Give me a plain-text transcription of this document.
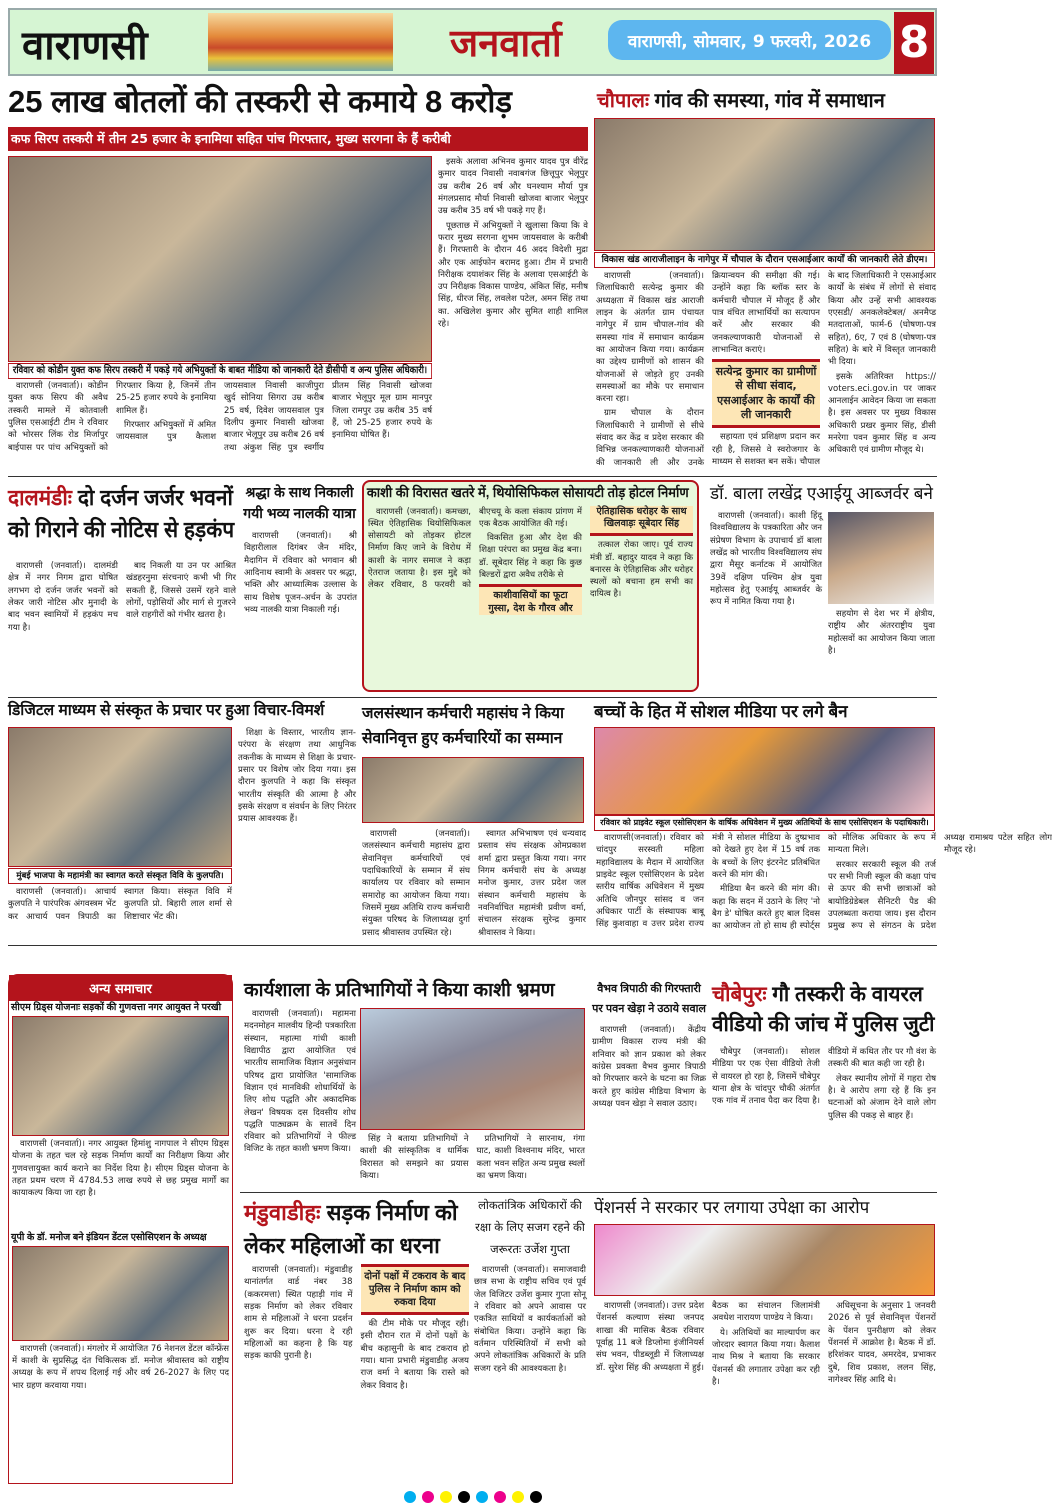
वाराणसी	जनवार्ता	वाराणसी, सोमवार, 9 फरवरी, 2026 8
25 लाख बोतलों की तस्करी से कमाये 8 करोड़
कफ सिरप तस्करी में तीन 25 हजार के इनामिया सहित पांच गिरफ्तार, मुख्य सरगना के हैं करीबी
रविवार को कोडीन युक्त कफ सिरप तस्करी में पकड़े गये अभियुक्तों के बाबत मीडिया को जानकारी देते डीसीपी व अन्य पुलिस अधिकारी।

वाराणसी (जनवार्ता)। कोडीन युक्त कफ सिरप की अवैध तस्करी मामले में कोतवाली पुलिस एसआईटी टीम ने रविवार को भोरसर लिंक रोड मिर्जापुर बाईपास पर पांच अभियुक्तों को गिरफ्तार किया है, जिनमें तीन 25-25 हजार रुपये के इनामिया शामिल हैं।

गिरफ्तार अभियुक्तों में अमित जायसवाल पुत्र कैलाश जायसवाल निवासी काजीपुरा खुर्द सोनिया सिगरा उम्र करीब 25 वर्ष, दिवेश जायसवाल पुत्र दिलीप कुमार निवासी खोजवा बाजार भेलूपुर उम्र करीब 26 वर्ष तथा अंकुश सिंह पुत्र स्वर्गीय प्रीतम सिंह निवासी खोजवा बाजार भेलूपुर मूल ग्राम मानपुर जिला रामपुर उम्र करीब 35 वर्ष हैं, जो 25-25 हजार रुपये के इनामिया घोषित हैं।

इसके अलावा अभिनव कुमार यादव पुत्र वीरेंद्र कुमार यादव निवासी नवाबगंज छित्तूपुर भेलूपुर उम्र करीब 26 वर्ष और घनश्याम मौर्या पुत्र मंगलप्रसाद मौर्या निवासी खोजवा बाजार भेलूपुर उम्र करीब 35 वर्ष भी पकड़े गए हैं।

पूछताछ में अभियुक्तों ने खुलासा किया कि वे फरार मुख्य सरगना शुभम जायसवाल के करीबी हैं। गिरफ्तारी के दौरान 46 अदद विदेशी मुद्रा और एक आईफोन बरामद हुआ। टीम में प्रभारी निरीक्षक दयाशंकर सिंह के अलावा एसआईटी के उप निरीक्षक विकास पाण्डेय, अंकित सिंह, मनीष सिंह, धीरज सिंह, लवलेश पटेल, अमन सिंह तथा का. अखिलेश कुमार और सुमित शाही शामिल रहे।

चौपालः गांव की समस्या, गांव में समाधान
विकास खंड आराजीलाइन के नागेपुर में चौपाल के दौरान एसआईआर कार्यों की जानकारी लेते डीएम।

वाराणसी (जनवार्ता)। जिलाधिकारी सत्येन्द्र कुमार की अध्यक्षता में विकास खंड आराजी लाइन के अंतर्गत ग्राम पंचायत नागेपुर में ग्राम चौपाल-गांव की समस्या गांव में समाधान कार्यक्रम का आयोजन किया गया। कार्यक्रम का उद्देश्य ग्रामीणों को शासन की योजनाओं से जोड़ते हुए उनकी समस्याओं का मौके पर समाधान करना रहा।

ग्राम चौपाल के दौरान जिलाधिकारी ने ग्रामीणों से सीधे संवाद कर केंद्र व प्रदेश सरकार की विभिन्न जनकल्याणकारी योजनाओं की जानकारी ली और उनके क्रियान्वयन की समीक्षा की गई। उन्होंने कहा कि ब्लॉक स्तर के कर्मचारी चौपाल में मौजूद हैं और पात्र वंचित लाभार्थियों का सत्यापन करें और सरकार की जनकल्याणकारी योजनाओं से लाभान्वित कराएं।

सत्येन्द्र कुमार का ग्रामीणों से सीधा संवाद, एसआईआर के कार्यों की ली जानकारी

सहायता एवं प्रशिक्षण प्रदान कर रही है, जिससे वे स्वरोजगार के माध्यम से सशक्त बन सकें। चौपाल के बाद जिलाधिकारी ने एसआईआर कार्यों के संबंध में लोगों से संवाद किया और उन्हें सभी आवश्यक एएसडी/ अनकलेक्टेबल/ अनमैप्ड मतदाताओं, फार्म-6 (घोषणा-पत्र सहित), 6ए, 7 एवं 8 (घोषणा-पत्र सहित) के बारे में विस्तृत जानकारी भी दिया।

इसके अतिरिक्त https:// voters.eci.gov.in पर जाकर आनलाईन आवेदन किया जा सकता है। इस अवसर पर मुख्य विकास अधिकारी प्रखर कुमार सिंह, डीसी मनरेगा पवन कुमार सिंह व अन्य अधिकारी एवं ग्रामीण मौजूद थे।

दालमंडीः दो दर्जन जर्जर भवनों को गिराने की नोटिस से हड़कंप

वाराणसी (जनवार्ता)। दालमंडी क्षेत्र में नगर निगम द्वारा घोषित लगभग दो दर्जन जर्जर भवनों को लेकर जारी नोटिस और मुनादी के बाद भवन स्वामियों में हड़कंप मच गया है।

बाद निकली या उन पर आश्रित खंडहरनुमा संरचनाएं कभी भी गिर सकती हैं, जिससे उसमें रहने वाले लोगों, पड़ोसियों और मार्ग से गुजरने वाले राहगीरों को गंभीर खतरा है।

श्रद्धा के साथ निकाली गयी भव्य नालकी यात्रा

वाराणसी (जनवार्ता)। श्री विहारीलाल दिगंबर जैन मंदिर, मैदागिन में रविवार को भगवान श्री आदिनाथ स्वामी के अवसर पर श्रद्धा, भक्ति और आध्यात्मिक उल्लास के साथ विशेष पूजन-अर्चन के उपरांत भव्य नालकी यात्रा निकाली गई।

काशी की विरासत खतरे में, थियोसिफिकल सोसायटी तोड़ होटल निर्माण

वाराणसी (जनवार्ता)। कमच्छा, स्थित ऐतिहासिक थियोसिफिकल सोसायटी को तोड़कर होटल निर्माण किए जाने के विरोध में काशी के नागर समाज ने कड़ा ऐतराज जताया है। इस मुद्दे को लेकर रविवार, 8 फरवरी को बीएचयू के कला संकाय प्रांगण में एक बैठक आयोजित की गई।

विकसित हुआ और देश की शिक्षा परंपरा का प्रमुख केंद्र बना। डॉ. सूबेदार सिंह ने कहा कि कुछ बिल्डरों द्वारा अवैध तरीके से

काशीवासियों का फूटा गुस्सा, देश के गौरव और ऐतिहासिक धरोहर के साथ खिलवाड़ः सूबेदार सिंह

तत्काल रोका जाए। पूर्व राज्य मंत्री डॉ. बहादुर यादव ने कहा कि बनारस के ऐतिहासिक और धरोहर स्थलों को बचाना हम सभी का दायित्व है।

डॉ. बाला लखेंद्र एआईयू आब्जर्वर बने

वाराणसी (जनवार्ता)। काशी हिंदू विश्वविद्यालय के पत्रकारिता और जन संप्रेषण विभाग के उपाचार्य डॉ बाला लखेंद्र को भारतीय विश्वविद्यालय संघ द्वारा मैसूर कर्नाटक में आयोजित 39वें दक्षिण पश्चिम क्षेत्र युवा महोत्सव हेतु एआईयू आब्जर्वर के रूप में नामित किया गया है।

सहयोग से देश भर में क्षेत्रीय, राष्ट्रीय और अंतरराष्ट्रीय युवा महोत्सवों का आयोजन किया जाता है।

डिजिटल माध्यम से संस्कृत के प्रचार पर हुआ विचार-विमर्श
मुंबई भाजपा के महामंत्री का स्वागत करते संस्कृत विवि के कुलपति।

शिक्षा के विस्तार, भारतीय ज्ञान-परंपरा के संरक्षण तथा आधुनिक तकनीक के माध्यम से शिक्षा के प्रचार-प्रसार पर विशेष जोर दिया गया। इस दौरान कुलपति ने कहा कि संस्कृत भारतीय संस्कृति की आत्मा है और इसके संरक्षण व संवर्धन के लिए निरंतर प्रयास आवश्यक हैं।

वाराणसी (जनवार्ता)। आचार्य कुलपति ने पारंपरिक अंगवस्त्रम भेंट कर आचार्य पवन त्रिपाठी का स्वागत किया। संस्कृत विवि में कुलपति प्रो. बिहारी लाल शर्मा से शिष्टाचार भेंट की।

जलसंस्थान कर्मचारी महासंघ ने किया सेवानिवृत्त हुए कर्मचारियों का सम्मान

वाराणसी (जनवार्ता)। जलसंस्थान कर्मचारी महासंघ द्वारा सेवानिवृत्त कर्मचारियों एवं पदाधिकारियों के सम्मान में संघ कार्यालय पर रविवार को सम्मान समारोह का आयोजन किया गया। जिसमें मुख्य अतिथि राज्य कर्मचारी संयुक्त परिषद के जिलाध्यक्ष दुर्गा प्रसाद श्रीवास्तव उपस्थित रहे।

स्वागत अभिभाषण एवं धन्यवाद प्रस्ताव संघ संरक्षक ओमप्रकाश शर्मा द्वारा प्रस्तुत किया गया। नगर निगम कर्मचारी संघ के अध्यक्ष मनोज कुमार, उत्तर प्रदेश जल संस्थान कर्मचारी महासंघ के नवनिर्वाचित महामंत्री प्रवीण वर्मा, संचालन संरक्षक सुरेन्द्र कुमार श्रीवास्तव ने किया।

बच्चों के हित में सोशल मीडिया पर लगे बैन
रविवार को प्राइवेट स्कूल एसोसिएशन के वार्षिक अधिवेशन में मुख्य अतिथियों के साथ एसोसिएशन के पदाधिकारी।

वाराणसी(जनवार्ता)। रविवार को चांदपुर सरस्वती महिला महाविद्यालय के मैदान में आयोजित प्राइवेट स्कूल एसोसिएशन के प्रदेश स्तरीय वार्षिक अधिवेशन में मुख्य अतिथि जौनपुर सांसद व जन अधिकार पार्टी के संस्थापक बाबू सिंह कुशवाहा व उत्तर प्रदेश राज्य मंत्री ने सोशल मीडिया के दुष्प्रभाव को देखते हुए देश में 15 वर्ष तक के बच्चों के लिए इंटरनेट प्रतिबंधित करने की मांग की।

मीडिया बैन करने की मांग की। कहा कि सदन में उठाने के लिए 'नो बैग डे' घोषित करते हुए बाल दिवस का आयोजन तो हो साथ ही स्पोर्ट्स को मौलिक अधिकार के रूप में मान्यता मिले।

सरकार सरकारी स्कूल की तर्ज पर सभी निजी स्कूल की कक्षा पांच से ऊपर की सभी छात्राओं को बायोडिग्रेडेबल सैनिटरी पैड की उपलब्धता कराया जाय। इस दौरान प्रमुख रूप से संगठन के प्रदेश अध्यक्ष रामाश्रय पटेल सहित लोग मौजूद रहे।

अन्य समाचार
सीएम ग्रिड्स योजनाः सड़कों की गुणवत्ता नगर आयुक्त ने परखी

वाराणसी (जनवार्ता)। नगर आयुक्त हिमांशु नागपाल ने सीएम ग्रिड्स योजना के तहत चल रहे सड़क निर्माण कार्यों का निरीक्षण किया और गुणवत्तायुक्त कार्य कराने का निर्देश दिया है। सीएम ग्रिड्स योजना के तहत प्रथम चरण में 4784.53 लाख रुपये से छह प्रमुख मार्गों का कायाकल्प किया जा रहा है।

यूपी के डॉ. मनोज बने इंडियन डेंटल एसोसिएशन के अध्यक्ष

वाराणसी (जनवार्ता)। मंगलोर में आयोजित 76 नेशनल डेंटल कॉन्फ्रेंस में काशी के सुप्रसिद्ध दंत चिकित्सक डॉ. मनोज श्रीवास्तव को राष्ट्रीय अध्यक्ष के रूप में शपथ दिलाई गई और वर्ष 26-2027 के लिए पद भार ग्रहण करवाया गया।

कार्यशाला के प्रतिभागियों ने किया काशी भ्रमण

वाराणसी (जनवार्ता)। महामना मदनमोहन मालवीय हिन्दी पत्रकारिता संस्थान, महात्मा गांधी काशी विद्यापीठ द्वारा आयोजित एवं भारतीय सामाजिक विज्ञान अनुसंधान परिषद द्वारा प्रायोजित 'सामाजिक विज्ञान एवं मानविकी शोधार्थियों के लिए शोध पद्धति और अकादमिक लेखन' विषयक दस दिवसीय शोध पद्धति पाठ्यक्रम के सातवें दिन रविवार को प्रतिभागियों ने फील्ड विजिट के तहत काशी भ्रमण किया।

सिंह ने बताया प्रतिभागियों ने काशी की सांस्कृतिक व धार्मिक विरासत को समझने का प्रयास किया।

प्रतिभागियों ने सारनाथ, गंगा घाट, काशी विश्वनाथ मंदिर, भारत कला भवन सहित अन्य प्रमुख स्थलों का भ्रमण किया।

वैभव त्रिपाठी की गिरफ्तारी पर पवन खेड़ा ने उठाये सवाल

वाराणसी (जनवार्ता)। केंद्रीय ग्रामीण विकास राज्य मंत्री की शनिवार को ज्ञान प्रकाश को लेकर कांग्रेस प्रवक्ता वैभव कुमार त्रिपाठी को गिरफ्तार करने के घटना का जिक्र करते हुए कांग्रेस मीडिया विभाग के अध्यक्ष पवन खेड़ा ने सवाल उठाए।

चौबेपुरः गौ तस्करी के वायरल वीडियो की जांच में पुलिस जुटी

चौबेपुर (जनवार्ता)। सोशल मीडिया पर एक ऐसा वीडियो तेजी से वायरल हो रहा है, जिसमें चौबेपुर थाना क्षेत्र के चांदपुर चौकी अंतर्गत एक गांव में तनाव पैदा कर दिया है। वीडियो में कथित तौर पर गौ वंश के तस्करी की बात कही जा रही है।

लेकर स्थानीय लोगों में गहरा रोष है। वे आरोप लगा रहे हैं कि इन घटनाओं को अंजाम देने वाले लोग पुलिस की पकड़ से बाहर हैं।

मंडुवाडीहः सड़क निर्माण को लेकर महिलाओं का धरना

वाराणसी (जनवार्ता)। मंडुवाडीह थानांतर्गत वार्ड नंबर 38 (ककरमत्ता) स्थित पहाड़ी गांव में सड़क निर्माण को लेकर रविवार शाम से महिलाओं ने धरना प्रदर्शन शुरू कर दिया। धरना दे रही महिलाओं का कहना है कि यह सड़क काफी पुरानी है।

दोनों पक्षों में टकराव के बाद पुलिस ने निर्माण काम को रुकवा दिया

की टीम मौके पर मौजूद रही। इसी दौरान रात में दोनों पक्षों के बीच कहासुनी के बाद टकराव हो गया। थाना प्रभारी मंडुवाडीह अजय राज वर्मा ने बताया कि रास्ते को लेकर विवाद है।

लोकतांत्रिक अधिकारों की रक्षा के लिए सजग रहने की जरूरतः उर्जेश गुप्ता

वाराणसी (जनवार्ता)। समाजवादी छात्र सभा के राष्ट्रीय सचिव एवं पूर्व जेल विजिटर उर्जेश कुमार गुप्ता सोनू ने रविवार को अपने आवास पर एकत्रित साथियों व कार्यकर्ताओं को संबोधित किया। उन्होंने कहा कि वर्तमान परिस्थितियों में सभी को अपने लोकतांत्रिक अधिकारों के प्रति सजग रहने की आवश्यकता है।

पेंशनर्स ने सरकार पर लगाया उपेक्षा का आरोप

वाराणसी (जनवार्ता)। उत्तर प्रदेश पेंशनर्स कल्याण संस्था जनपद शाखा की मासिक बैठक रविवार पूर्वाह्न 11 बजे डिप्लोमा इंजीनियर्स संघ भवन, पीडब्लूडी में जिलाध्यक्ष डॉ. सुरेश सिंह की अध्यक्षता में हुई। बैठक का संचालन जिलामंत्री अवधेश नारायण पाण्डेय ने किया।

ये। अतिथियों का माल्यार्पण कर जोरदार स्वागत किया गया। कैलाश नाथ मिश्र ने बताया कि सरकार पेंशनर्स की लगातार उपेक्षा कर रही है।

अधिसूचना के अनुसार 1 जनवरी 2026 से पूर्व सेवानिवृत्त पेंशनरों के पेंशन पुनरीक्षण को लेकर पेंशनर्स में आक्रोश है। बैठक में डॉ. हरिशंकर यादव, अमरदेव, प्रभाकर दुबे, शिव प्रकाश, ललन सिंह, नागेश्वर सिंह आदि थे।
